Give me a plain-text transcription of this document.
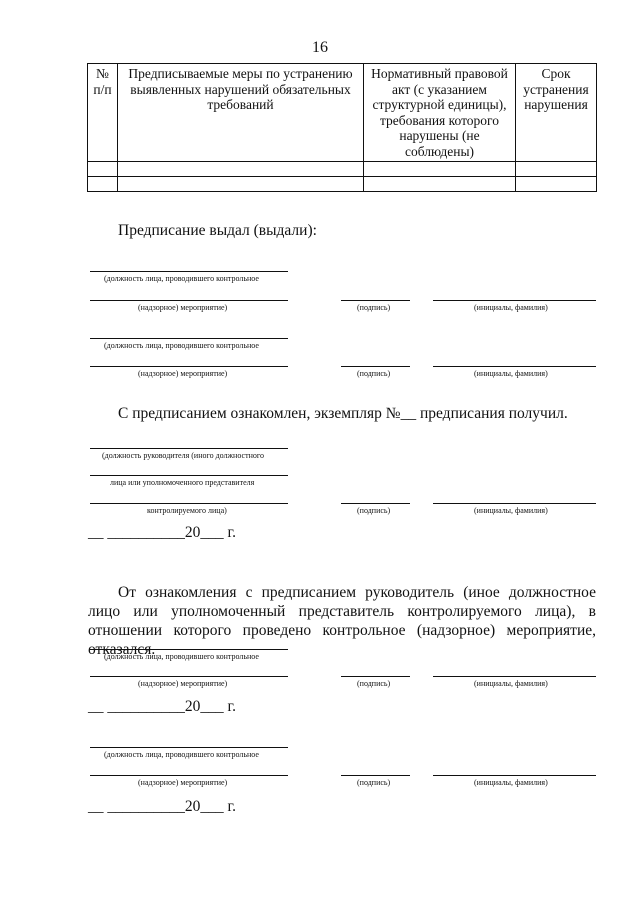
16
№ п/п	Предписываемые меры по устранению выявленных нарушений обязательных требований	Нормативный правовой акт (с указанием структурной единицы), требования которого нарушены (не соблюдены)	Срок устранения нарушения

Предписание выдал (выдали):
(должность лица, проводившего контрольное
(надзорное) мероприятие)	(подпись)	(инициалы, фамилия)
(должность лица, проводившего контрольное
(надзорное) мероприятие)	(подпись)	(инициалы, фамилия)
С предписанием ознакомлен, экземпляр №__ предписания получил.
(должность руководителя (иного должностного
лица или уполномоченного представителя
контролируемого лица)	(подпись)	(инициалы, фамилия)
__ __________20___ г.
От ознакомления с предписанием руководитель (иное должностное лицо или уполномоченный представитель контролируемого лица), в отношении которого проведено контрольное (надзорное) мероприятие, отказался.
(должность лица, проводившего контрольное
(надзорное) мероприятие)	(подпись)	(инициалы, фамилия)
__ __________20___ г.
(должность лица, проводившего контрольное
(надзорное) мероприятие)	(подпись)	(инициалы, фамилия)
__ __________20___ г.
